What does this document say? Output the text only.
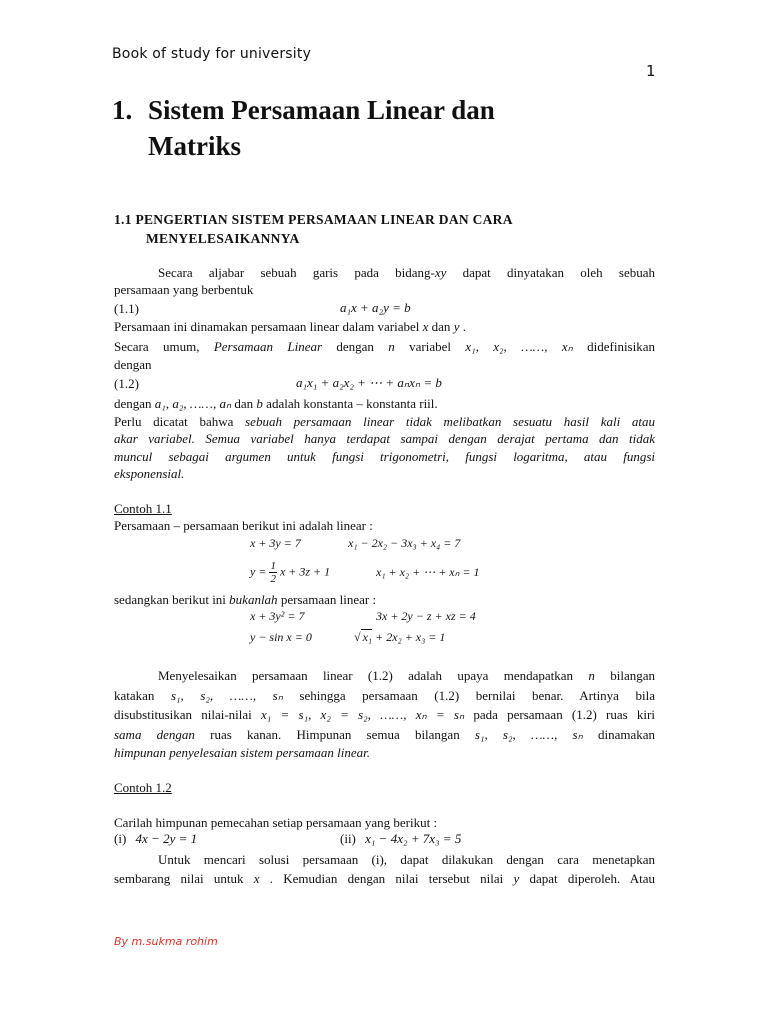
Book of study for university
1
1. Sistem Persamaan Linear dan
Matriks
1.1 PENGERTIAN SISTEM PERSAMAAN LINEAR DAN CARA
MENYELESAIKANNYA
Secara aljabar sebuah garis pada bidang-xy dapat dinyatakan oleh sebuah
persamaan yang berbentuk
(1.1)	a₁x + a₂y = b
Persamaan ini dinamakan persamaan linear dalam variabel x dan y .
Secara umum, Persamaan Linear dengan n variabel x₁, x₂, ……, xₙ didefinisikan
dengan
(1.2)	a₁x₁ + a₂x₂ + ⋯ + aₙxₙ = b
dengan a₁, a₂, ……, aₙ dan b adalah konstanta – konstanta riil.
Perlu dicatat bahwa sebuah persamaan linear tidak melibatkan sesuatu hasil kali atau
akar variabel. Semua variabel hanya terdapat sampai dengan derajat pertama dan tidak
muncul sebagai argumen untuk fungsi trigonometri, fungsi logaritma, atau fungsi
eksponensial.
Contoh 1.1
Persamaan – persamaan berikut ini adalah linear :
x + 3y = 7	x₁ − 2x₂ − 3x₃ + x₄ = 7
$y = \frac{1}{2}$ x + 3z + 1	x₁ + x₂ + ⋯ + xₙ = 1
sedangkan berikut ini bukanlah persamaan linear :
x + 3y² = 7	3x + 2y − z + xz = 4
y − sin x = 0	√ x₁ + 2x₂ + x₃ = 1
Menyelesaikan persamaan linear (1.2) adalah upaya mendapatkan n bilangan
katakan s₁, s₂, ……, sₙ sehingga persamaan (1.2) bernilai benar. Artinya bila
disubstitusikan nilai-nilai x₁ = s₁, x₂ = s₂, ……, xₙ = sₙ pada persamaan (1.2) ruas kiri
sama dengan ruas kanan. Himpunan semua bilangan s₁, s₂, ……, sₙ dinamakan
himpunan penyelesaian sistem persamaan linear.
Contoh 1.2
Carilah himpunan pemecahan setiap persamaan yang berikut :
(i) 4x − 2y = 1	(ii) x₁ − 4x₂ + 7x₃ = 5
Untuk mencari solusi persamaan (i), dapat dilakukan dengan cara menetapkan
sembarang nilai untuk x . Kemudian dengan nilai tersebut nilai y dapat diperoleh. Atau
By m.sukma rohim
